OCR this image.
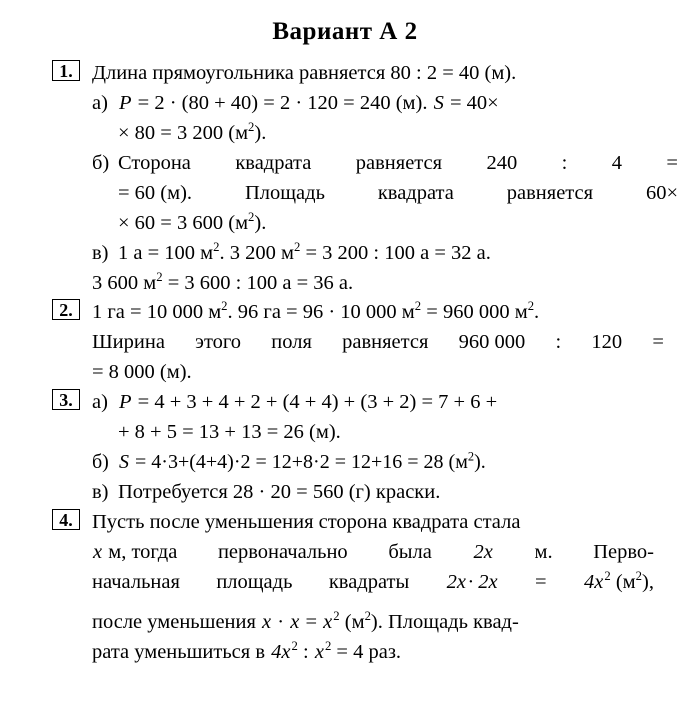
Вариант А 2
1. Длина прямоугольника равняется 80 : 2 = 40 (м).
а) P = 2 · (80 + 40) = 2 · 120 = 240 (м). S = 40×
× 80 = 3 200 $(м^2)$.
б) Сторона квадрата равняется 240 : 4 =
= 60 (м).	Площадь	квадрата	равняется	60×
× 60 = 3 600 $(м^2)$.
в) 1 а = 100 $м^2$. 3 200 $м^2 = 3$ 200 : 100 а = 32 а.
3 600 $м^2 = 3$ 600 : 100 а = 36 а.
2. 1 га = 10 000 $м^2$. 96 га = 96 · 10 000 $м^2 = 960$ 000 $м^2$.
Ширина этого поля равняется 960 000 : 120 =
= 8 000 (м).
3. а) P = 4 + 3 + 4 + 2 + (4 + 4) + (3 + 2) = 7 + 6 +
+ 8 + 5 = 13 + 13 = 26 (м).
б) S = 4·3+(4+4)·2 = 12+8·2 = 12+16 = 28 $(м^2)$.
в) Потребуется 28 · 20 = 560 (г) краски.
4. Пусть после уменьшения сторона квадрата стала
x м, тогда первоначально была 2x м. Перво-
начальная площадь квадраты $2x\cdot 2x = 4x^2$ $(м^2)$,
после уменьшения $x \cdot x = x^2$ $(м^2)$. Площадь квад-
рата уменьшиться в $4x^2$ : $x^2 = 4$ раз.
